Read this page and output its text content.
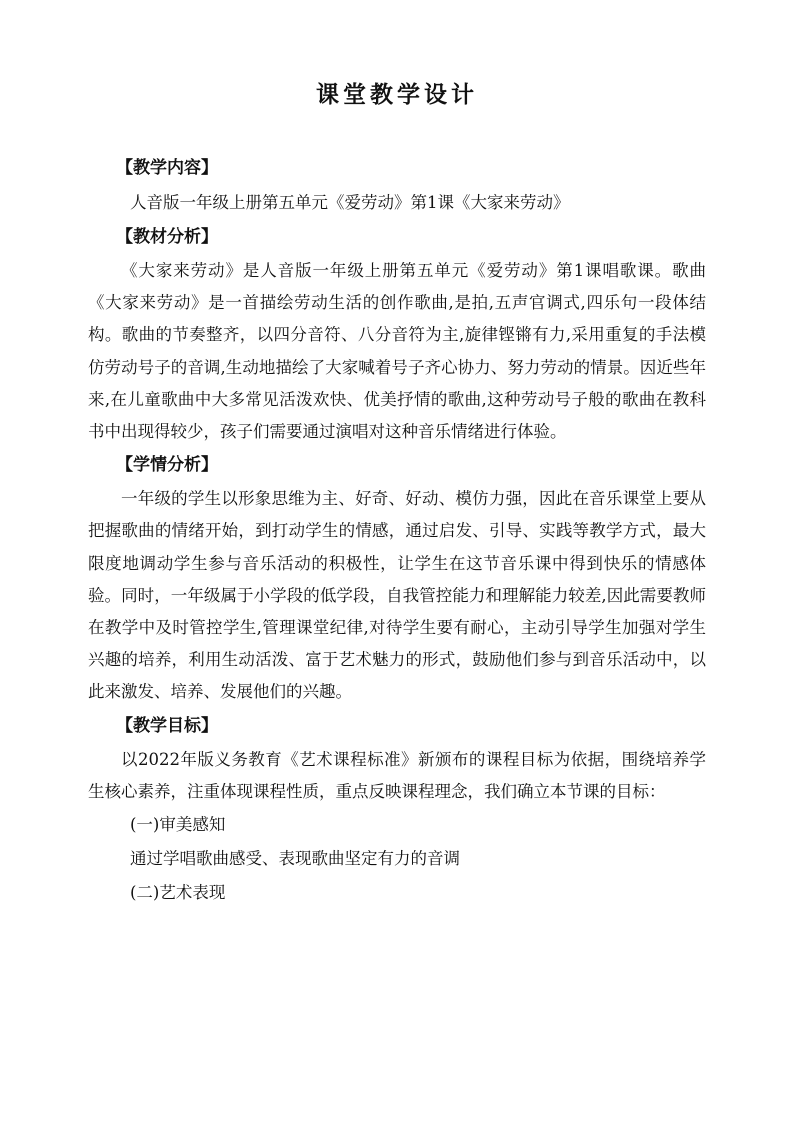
课堂教学设计
【教学内容】
人音版一年级上册第五单元《爱劳动》第1课《大家来劳动》
【教材分析】

《大家来劳动》是人音版一年级上册第五单元《爱劳动》第1课唱歌课。歌曲《大家来劳动》是一首描绘劳动生活的创作歌曲,是拍,五声官调式,四乐句一段体结构。歌曲的节奏整齐，以四分音符、八分音符为主,旋律铿锵有力,采用重复的手法模仿劳动号子的音调,生动地描绘了大家喊着号子齐心协力、努力劳动的情景。因近些年来,在儿童歌曲中大多常见活泼欢快、优美抒情的歌曲,这种劳动号子般的歌曲在教科书中出现得较少，孩子们需要通过演唱对这种音乐情绪进行体验。

【学情分析】

一年级的学生以形象思维为主、好奇、好动、模仿力强，因此在音乐课堂上要从把握歌曲的情绪开始，到打动学生的情感，通过启发、引导、实践等教学方式，最大限度地调动学生参与音乐活动的积极性，让学生在这节音乐课中得到快乐的情感体验。同时，一年级属于小学段的低学段，自我管控能力和理解能力较差,因此需要教师在教学中及时管控学生,管理课堂纪律,对待学生要有耐心，主动引导学生加强对学生兴趣的培养，利用生动活泼、富于艺术魅力的形式，鼓励他们参与到音乐活动中，以此来激发、培养、发展他们的兴趣。

【教学目标】

以2022年版义务教育《艺术课程标准》新颁布的课程目标为依据，围绕培养学生核心素养，注重体现课程性质，重点反映课程理念，我们确立本节课的目标：

(一)审美感知
通过学唱歌曲感受、表现歌曲坚定有力的音调
(二)艺术表现
